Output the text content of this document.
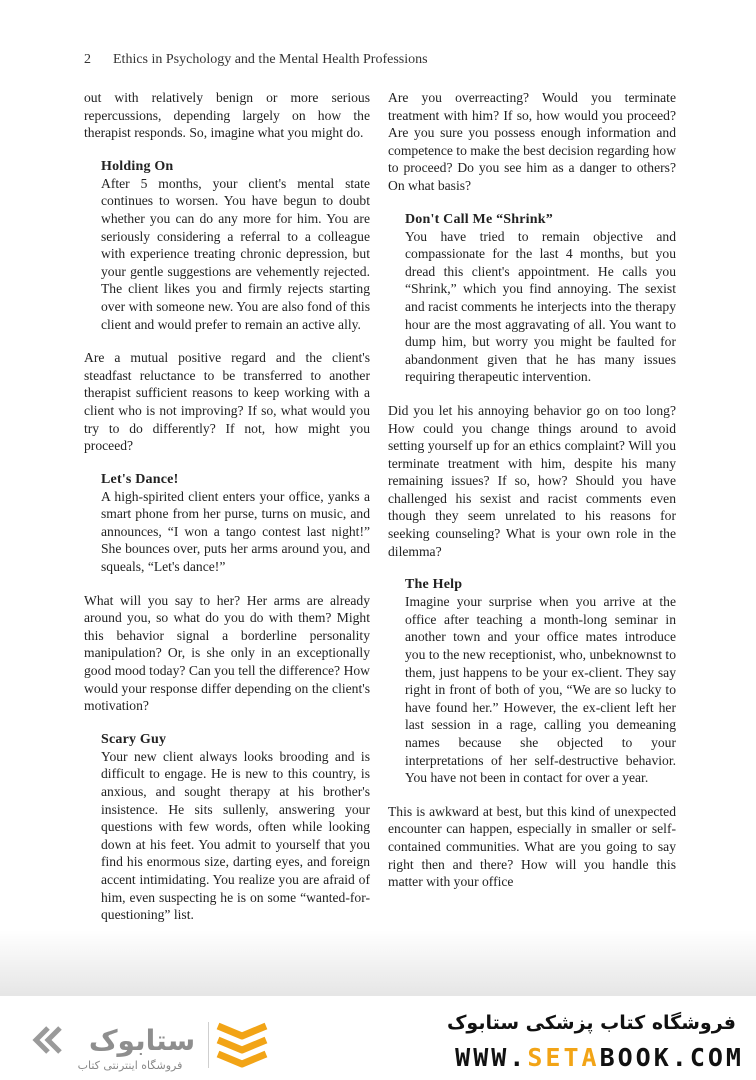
2 Ethics in Psychology and the Mental Health Professions

out with relatively benign or more serious repercussions, depending largely on how the therapist responds. So, imagine what you might do.

Holding On

After 5 months, your client's mental state continues to worsen. You have begun to doubt whether you can do any more for him. You are seriously considering a referral to a colleague with experience treating chronic depression, but your gentle suggestions are vehemently rejected. The client likes you and firmly rejects starting over with someone new. You are also fond of this client and would prefer to remain an active ally.

Are a mutual positive regard and the client's steadfast reluctance to be transferred to another therapist sufficient reasons to keep working with a client who is not improving? If so, what would you try to do differently? If not, how might you proceed?

Let's Dance!

A high-spirited client enters your office, yanks a smart phone from her purse, turns on music, and announces, “I won a tango contest last night!” She bounces over, puts her arms around you, and squeals, “Let's dance!”

What will you say to her? Her arms are already around you, so what do you do with them? Might this behavior signal a borderline personality manipulation? Or, is she only in an exceptionally good mood today? Can you tell the difference? How would your response differ depending on the client's motivation?

Scary Guy

Your new client always looks brooding and is difficult to engage. He is new to this country, is anxious, and sought therapy at his brother's insistence. He sits sullenly, answering your questions with few words, often while looking down at his feet. You admit to yourself that you find his enormous size, darting eyes, and foreign accent intimidating. You realize you are afraid of him, even suspecting he is on some “wanted-for-questioning” list.

Are you overreacting? Would you terminate treatment with him? If so, how would you proceed? Are you sure you possess enough information and competence to make the best decision regarding how to proceed? Do you see him as a danger to others? On what basis?

Don't Call Me “Shrink”

You have tried to remain objective and compassionate for the last 4 months, but you dread this client's appointment. He calls you “Shrink,” which you find annoying. The sexist and racist comments he interjects into the therapy hour are the most aggravating of all. You want to dump him, but worry you might be faulted for abandonment given that he has many issues requiring therapeutic intervention.

Did you let his annoying behavior go on too long? How could you change things around to avoid setting yourself up for an ethics complaint? Will you terminate treatment with him, despite his many remaining issues? If so, how? Should you have challenged his sexist and racist comments even though they seem unrelated to his reasons for seeking counseling? What is your own role in the dilemma?

The Help

Imagine your surprise when you arrive at the office after teaching a month-long seminar in another town and your office mates introduce you to the new receptionist, who, unbeknownst to them, just happens to be your ex-client. They say right in front of both of you, “We are so lucky to have found her.” However, the ex-client left her last session in a rage, calling you demeaning names because she objected to your interpretations of her self-destructive behavior. You have not been in contact for over a year.

This is awkward at best, but this kind of unexpected encounter can happen, especially in smaller or self-contained communities. What are you going to say right then and there? How will you handle this matter with your office

ستابوک
فروشگاه اینترنتی کتاب
فروشگاه کتاب پزشکی ستابوک
WWW.SETABOOK.COM
